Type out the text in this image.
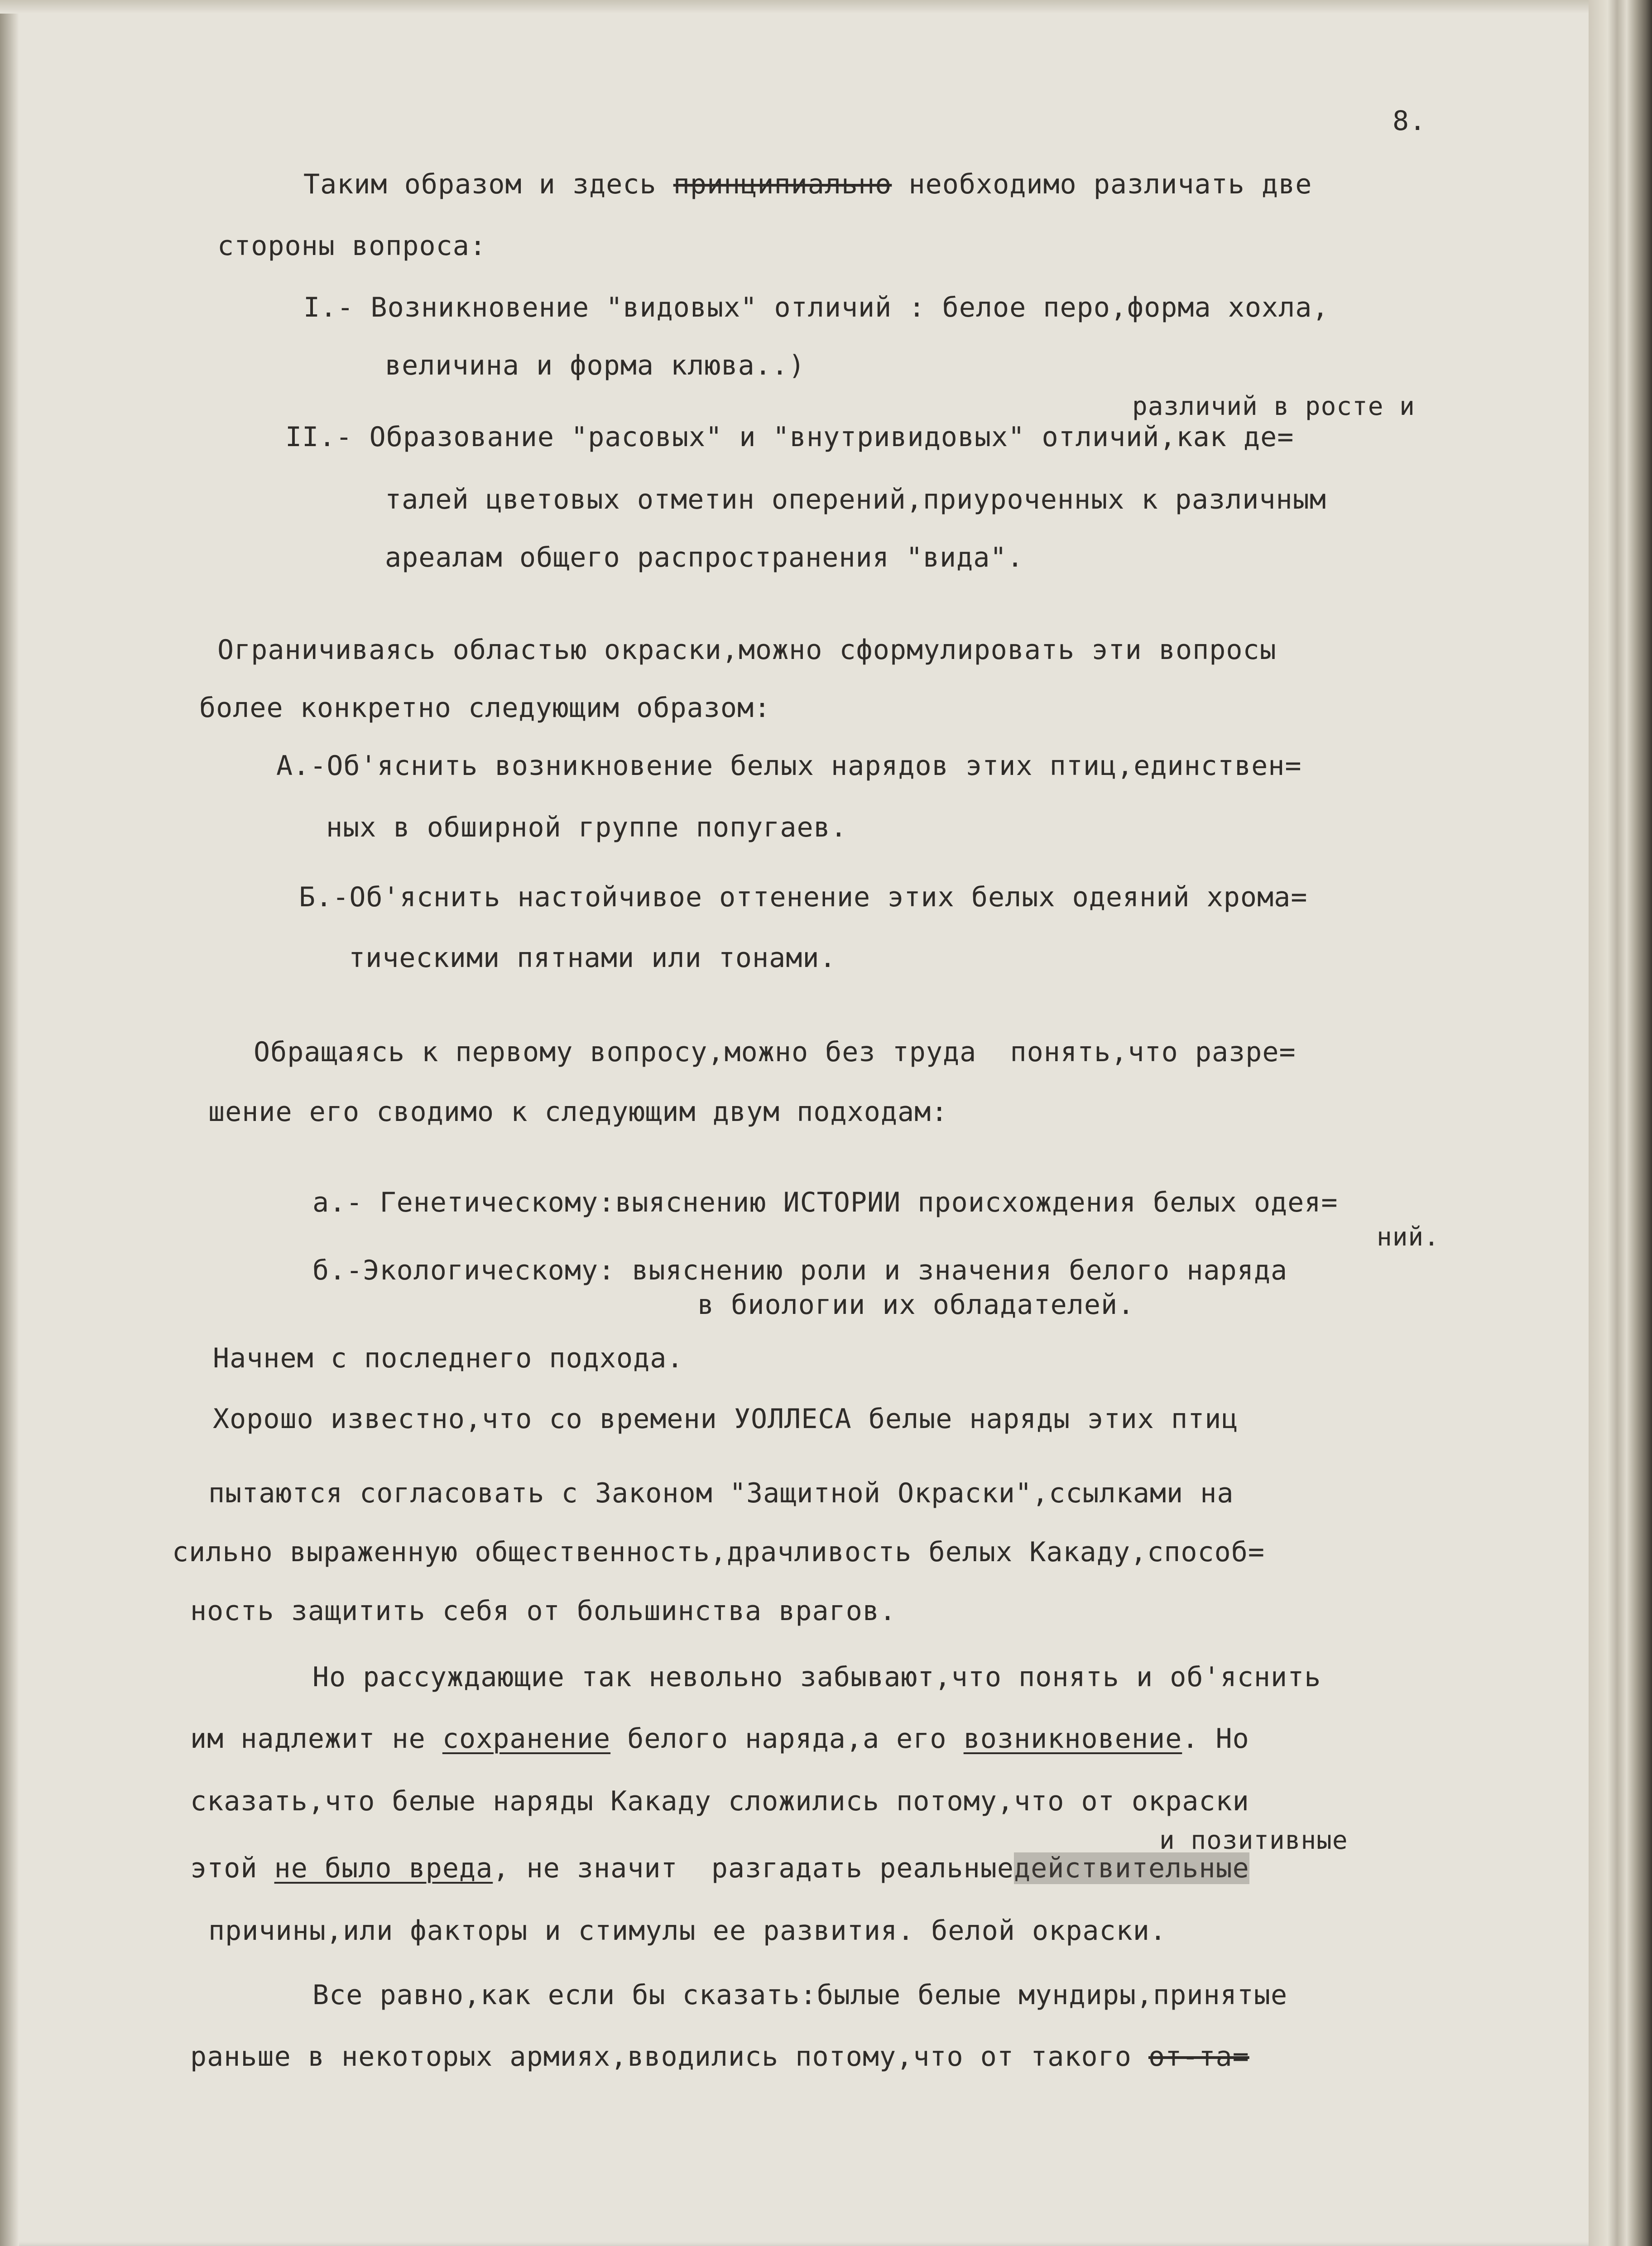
8.

Таким образом и здесь принципиально необходимо различать две

стороны вопроса:

I.- Возникновение "видовых" отличий : белое перо,форма хохла,

величина и форма клюва..)

различий в росте и

II.- Образование "расовых" и "внутривидовых" отличий,как де=

талей цветовых отметин оперений,приуроченных к различным

ареалам общего распространения "вида".

Ограничиваясь областью окраски,можно сформулировать эти вопросы

более конкретно следующим образом:

А.-Об'яснить возникновение белых нарядов этих птиц,единствен=

ных в обширной группе попугаев.

Б.-Об'яснить настойчивое оттенение этих белых одеяний хрома=

тическими пятнами или тонами.

Обращаясь к первому вопросу,можно без труда  понять,что разре=

шение его сводимо к следующим двум подходам:

а.- Генетическому:выяснению ИСТОРИИ происхождения белых одея=

ний.

б.-Экологическому: выяснению роли и значения белого наряда

в биологии их обладателей.

Начнем с последнего подхода.

Хорошо известно,что со времени УОЛЛЕСА белые наряды этих птиц

пытаются согласовать с Законом "Защитной Окраски",ссылками на

сильно выраженную общественность,драчливость белых Какаду,способ=

ность защитить себя от большинства врагов.

Но рассуждающие так невольно забывают,что понять и об'яснить

им надлежит не сохранение белого наряда,а его возникновение. Но

сказать,что белые наряды Какаду сложились потому,что от окраски

и позитивные

этой не было вреда, не значит  разгадать реальныедействительные

причины,или факторы и стимулы ее развития. белой окраски.

Все равно,как если бы сказать:былые белые мундиры,принятые

раньше в некоторых армиях,вводились потому,что от такого от-та=
